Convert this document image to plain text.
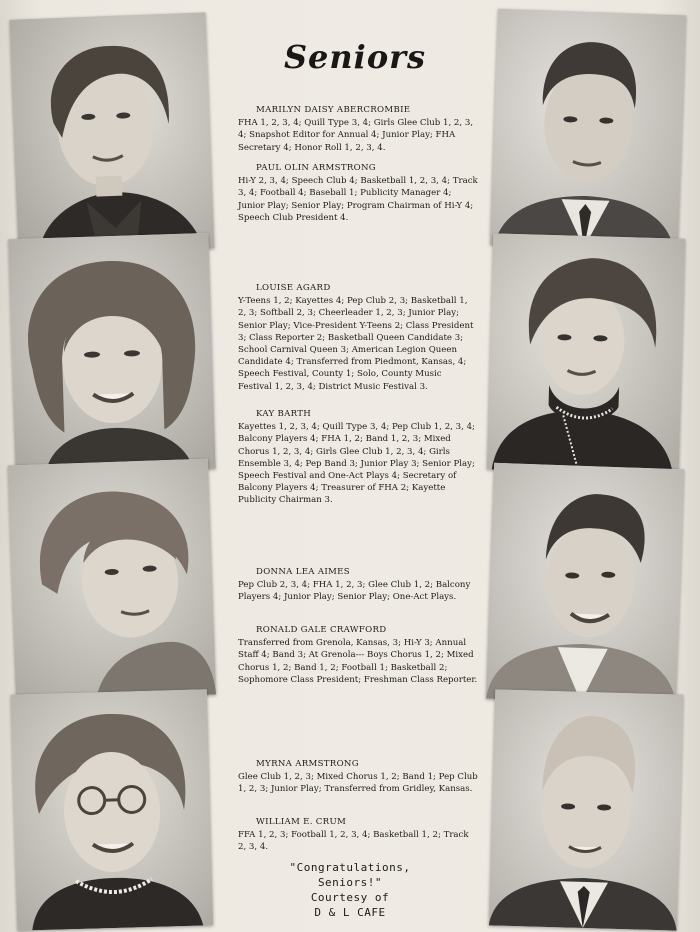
Seniors
MARILYN DAISY ABERCROMBIE
FHA 1, 2, 3, 4; Quill Type 3, 4; Girls Glee Club 1, 2, 3, 4; Snapshot Editor for Annual 4; Junior Play; FHA Secretary 4; Honor Roll 1, 2, 3, 4.
PAUL OLIN ARMSTRONG
Hi-Y 2, 3, 4; Speech Club 4; Basketball 1, 2, 3, 4; Track 3, 4; Football 4; Baseball 1; Publicity Manager 4; Junior Play; Senior Play; Program Chairman of Hi-Y 4; Speech Club President 4.
LOUISE AGARD
Y-Teens 1, 2; Kayettes 4; Pep Club 2, 3; Basketball 1, 2, 3; Softball 2, 3; Cheerleader 1, 2, 3; Junior Play; Senior Play; Vice-President Y-Teens 2; Class President 3; Class Reporter 2; Basketball Queen Candidate 3; School Carnival Queen 3; American Legion Queen Candidate 4; Transferred from Piedmont, Kansas, 4; Speech Festival, County 1; Solo, County Music Festival 1, 2, 3, 4; District Music Festival 3.
KAY BARTH
Kayettes 1, 2, 3, 4; Quill Type 3, 4; Pep Club 1, 2, 3, 4; Balcony Players 4; FHA 1, 2; Band 1, 2, 3; Mixed Chorus 1, 2, 3, 4; Girls Glee Club 1, 2, 3, 4; Girls Ensemble 3, 4; Pep Band 3; Junior Play 3; Senior Play; Speech Festival and One-Act Plays 4; Secretary of Balcony Players 4; Treasurer of FHA 2; Kayette Publicity Chairman 3.
DONNA LEA AIMES
Pep Club 2, 3, 4; FHA 1, 2, 3; Glee Club 1, 2; Balcony Players 4; Junior Play; Senior Play; One-Act Plays.
RONALD GALE CRAWFORD
Transferred from Grenola, Kansas, 3; Hi-Y 3; Annual Staff 4; Band 3; At Grenola--- Boys Chorus 1, 2; Mixed Chorus 1, 2; Band 1, 2; Football 1; Basketball 2; Sophomore Class President; Freshman Class Reporter.
MYRNA ARMSTRONG
Glee Club 1, 2, 3; Mixed Chorus 1, 2; Band 1; Pep Club 1, 2, 3; Junior Play; Transferred from Gridley, Kansas.
WILLIAM E. CRUM
FFA 1, 2, 3; Football 1, 2, 3, 4; Basketball 1, 2; Track 2, 3, 4.
"Congratulations,
Seniors!"
Courtesy of
D & L CAFE
